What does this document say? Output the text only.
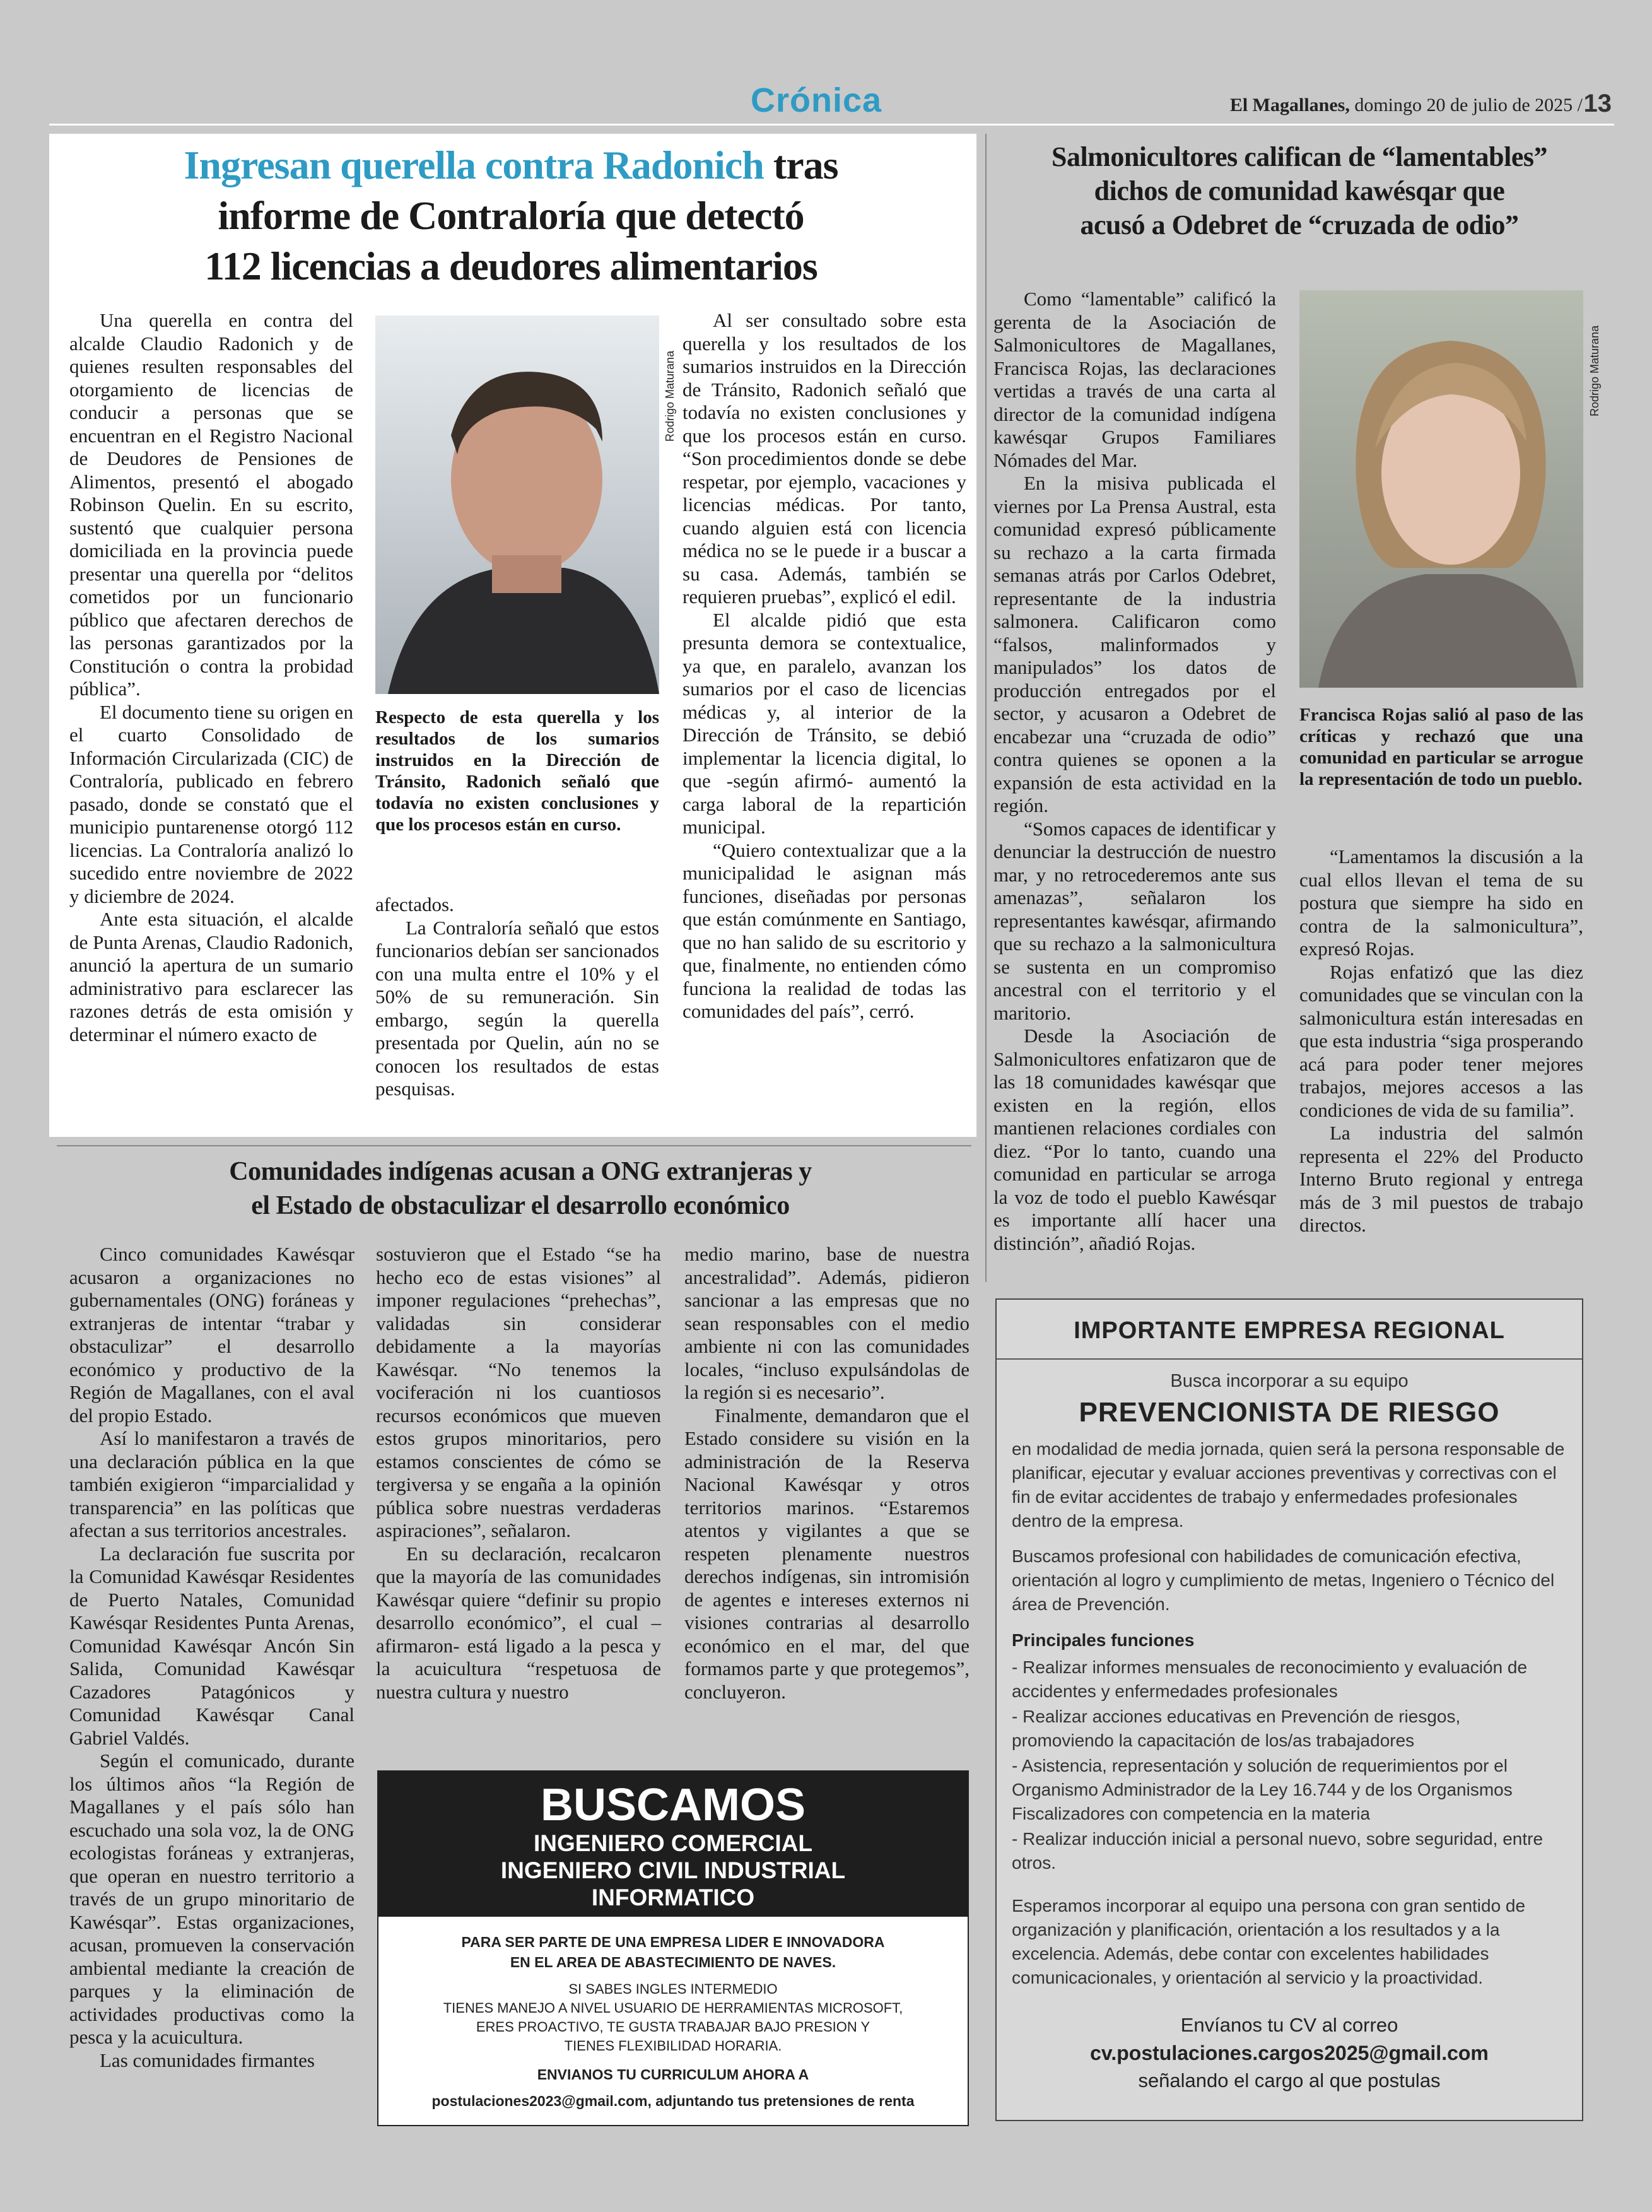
Crónica	El Magallanes, domingo 20 de julio de 2025 / 13
Ingresan querella contra Radonich tras
informe de Contraloría que detectó
112 licencias a deudores alimentarios

Una querella en contra del alcalde Claudio Radonich y de quienes resulten responsables del otorgamiento de licencias de conducir a personas que se encuentran en el Registro Nacional de Deudores de Pensiones de Alimentos, presentó el abogado Robinson Quelin. En su escrito, sustentó que cualquier persona domiciliada en la provincia puede presentar una querella por “delitos cometidos por un funcionario público que afectaren derechos de las personas garantizados por la Constitución o contra la probidad pública”.

El documento tiene su origen en el cuarto Consolidado de Información Circularizada (CIC) de Contraloría, publicado en febrero pasado, donde se constató que el municipio puntarenense otorgó 112 licencias. La Contraloría analizó lo sucedido entre noviembre de 2022 y diciembre de 2024.

Ante esta situación, el alcalde de Punta Arenas, Claudio Radonich, anunció la apertura de un sumario administrativo para esclarecer las razones detrás de esta omisión y determinar el número exacto de

Rodrigo Maturana
Respecto de esta querella y los resultados de los sumarios instruidos en la Dirección de Tránsito, Radonich señaló que todavía no existen conclusiones y que los procesos están en curso.

afectados.

La Contraloría señaló que estos funcionarios debían ser sancionados con una multa entre el 10% y el 50% de su remuneración. Sin embargo, según la querella presentada por Quelin, aún no se conocen los resultados de estas pesquisas.

Al ser consultado sobre esta querella y los resultados de los sumarios instruidos en la Dirección de Tránsito, Radonich señaló que todavía no existen conclusiones y que los procesos están en curso. “Son procedimientos donde se debe respetar, por ejemplo, vacaciones y licencias médicas. Por tanto, cuando alguien está con licencia médica no se le puede ir a buscar a su casa. Además, también se requieren pruebas”, explicó el edil.

El alcalde pidió que esta presunta demora se contextualice, ya que, en paralelo, avanzan los sumarios por el caso de licencias médicas y, al interior de la Dirección de Tránsito, se debió implementar la licencia digital, lo que -según afirmó- aumentó la carga laboral de la repartición municipal.

“Quiero contextualizar que a la municipalidad le asignan más funciones, diseñadas por personas que están comúnmente en Santiago, que no han salido de su escritorio y que, finalmente, no entienden cómo funciona la realidad de todas las comunidades del país”, cerró.

Salmonicultores califican de “lamentables”
dichos de comunidad kawésqar que
acusó a Odebret de “cruzada de odio”

Como “lamentable” calificó la gerenta de la Asociación de Salmonicultores de Magallanes, Francisca Rojas, las declaraciones vertidas a través de una carta al director de la comunidad indígena kawésqar Grupos Familiares Nómades del Mar.

En la misiva publicada el viernes por La Prensa Austral, esta comunidad expresó públicamente su rechazo a la carta firmada semanas atrás por Carlos Odebret, representante de la industria salmonera. Calificaron como “falsos, malinformados y manipulados” los datos de producción entregados por el sector, y acusaron a Odebret de encabezar una “cruzada de odio” contra quienes se oponen a la expansión de esta actividad en la región.

“Somos capaces de identificar y denunciar la destrucción de nuestro mar, y no retrocederemos ante sus amenazas”, señalaron los representantes kawésqar, afirmando que su rechazo a la salmonicultura se sustenta en un compromiso ancestral con el territorio y el maritorio.

Desde la Asociación de Salmonicultores enfatizaron que de las 18 comunidades kawésqar que existen en la región, ellos mantienen relaciones cordiales con diez. “Por lo tanto, cuando una comunidad en particular se arroga la voz de todo el pueblo Kawésqar es importante allí hacer una distinción”, añadió Rojas.

Rodrigo Maturana
Francisca Rojas salió al paso de las críticas y rechazó que una comunidad en particular se arrogue la representación de todo un pueblo.

“Lamentamos la discusión a la cual ellos llevan el tema de su postura que siempre ha sido en contra de la salmonicultura”, expresó Rojas.

Rojas enfatizó que las diez comunidades que se vinculan con la salmonicultura están interesadas en que esta industria “siga prosperando acá para poder tener mejores trabajos, mejores accesos a las condiciones de vida de su familia”.

La industria del salmón representa el 22% del Producto Interno Bruto regional y entrega más de 3 mil puestos de trabajo directos.

Comunidades indígenas acusan a ONG extranjeras y
el Estado de obstaculizar el desarrollo económico

Cinco comunidades Kawésqar acusaron a organizaciones no gubernamentales (ONG) foráneas y extranjeras de intentar “trabar y obstaculizar” el desarrollo económico y productivo de la Región de Magallanes, con el aval del propio Estado.

Así lo manifestaron a través de una declaración pública en la que también exigieron “imparcialidad y transparencia” en las políticas que afectan a sus territorios ancestrales.

La declaración fue suscrita por la Comunidad Kawésqar Residentes de Puerto Natales, Comunidad Kawésqar Residentes Punta Arenas, Comunidad Kawésqar Ancón Sin Salida, Comunidad Kawésqar Cazadores Patagónicos y Comunidad Kawésqar Canal Gabriel Valdés.

Según el comunicado, durante los últimos años “la Región de Magallanes y el país sólo han escuchado una sola voz, la de ONG ecologistas foráneas y extranjeras, que operan en nuestro territorio a través de un grupo minoritario de Kawésqar”. Estas organizaciones, acusan, promueven la conservación ambiental mediante la creación de parques y la eliminación de actividades productivas como la pesca y la acuicultura.

Las comunidades firmantes

sostuvieron que el Estado “se ha hecho eco de estas visiones” al imponer regulaciones “prehechas”, validadas sin considerar debidamente a la mayorías Kawésqar. “No tenemos la vociferación ni los cuantiosos recursos económicos que mueven estos grupos minoritarios, pero estamos conscientes de cómo se tergiversa y se engaña a la opinión pública sobre nuestras verdaderas aspiraciones”, señalaron.

En su declaración, recalcaron que la mayoría de las comunidades Kawésqar quiere “definir su propio desarrollo económico”, el cual –afirmaron- está ligado a la pesca y la acuicultura “respetuosa de nuestra cultura y nuestro

medio marino, base de nuestra ancestralidad”. Además, pidieron sancionar a las empresas que no sean responsables con el medio ambiente ni con las comunidades locales, “incluso expulsándolas de la región si es necesario”.

Finalmente, demandaron que el Estado considere su visión en la administración de la Reserva Nacional Kawésqar y otros territorios marinos. “Estaremos atentos y vigilantes a que se respeten plenamente nuestros derechos indígenas, sin intromisión de agentes e intereses externos ni visiones contrarias al desarrollo económico en el mar, del que formamos parte y que protegemos”, concluyeron.

BUSCAMOS
INGENIERO COMERCIAL
INGENIERO CIVIL INDUSTRIAL
INFORMATICO
PARA SER PARTE DE UNA EMPRESA LIDER E INNOVADORA
EN EL AREA DE ABASTECIMIENTO DE NAVES.
SI SABES INGLES INTERMEDIO
TIENES MANEJO A NIVEL USUARIO DE HERRAMIENTAS MICROSOFT,
ERES PROACTIVO, TE GUSTA TRABAJAR BAJO PRESION Y
TIENES FLEXIBILIDAD HORARIA.
ENVIANOS TU CURRICULUM AHORA A
postulaciones2023@gmail.com, adjuntando tus pretensiones de renta
IMPORTANTE EMPRESA REGIONAL
Busca incorporar a su equipo
PREVENCIONISTA DE RIESGO
en modalidad de media jornada, quien será la persona responsable de planificar, ejecutar y evaluar acciones preventivas y correctivas con el fin de evitar accidentes de trabajo y enfermedades profesionales dentro de la empresa.
Buscamos profesional con habilidades de comunicación efectiva, orientación al logro y cumplimiento de metas, Ingeniero o Técnico del área de Prevención.
Principales funciones
- Realizar informes mensuales de reconocimiento y evaluación de accidentes y enfermedades profesionales
- Realizar acciones educativas en Prevención de riesgos, promoviendo la capacitación de los/as trabajadores
- Asistencia, representación y solución de requerimientos por el Organismo Administrador de la Ley 16.744 y de los Organismos Fiscalizadores con competencia en la materia
- Realizar inducción inicial a personal nuevo, sobre seguridad, entre otros.
Esperamos incorporar al equipo una persona con gran sentido de organización y planificación, orientación a los resultados y a la excelencia. Además, debe contar con excelentes habilidades comunicacionales, y orientación al servicio y la proactividad.
Envíanos tu CV al correo
cv.postulaciones.cargos2025@gmail.com
señalando el cargo al que postulas
